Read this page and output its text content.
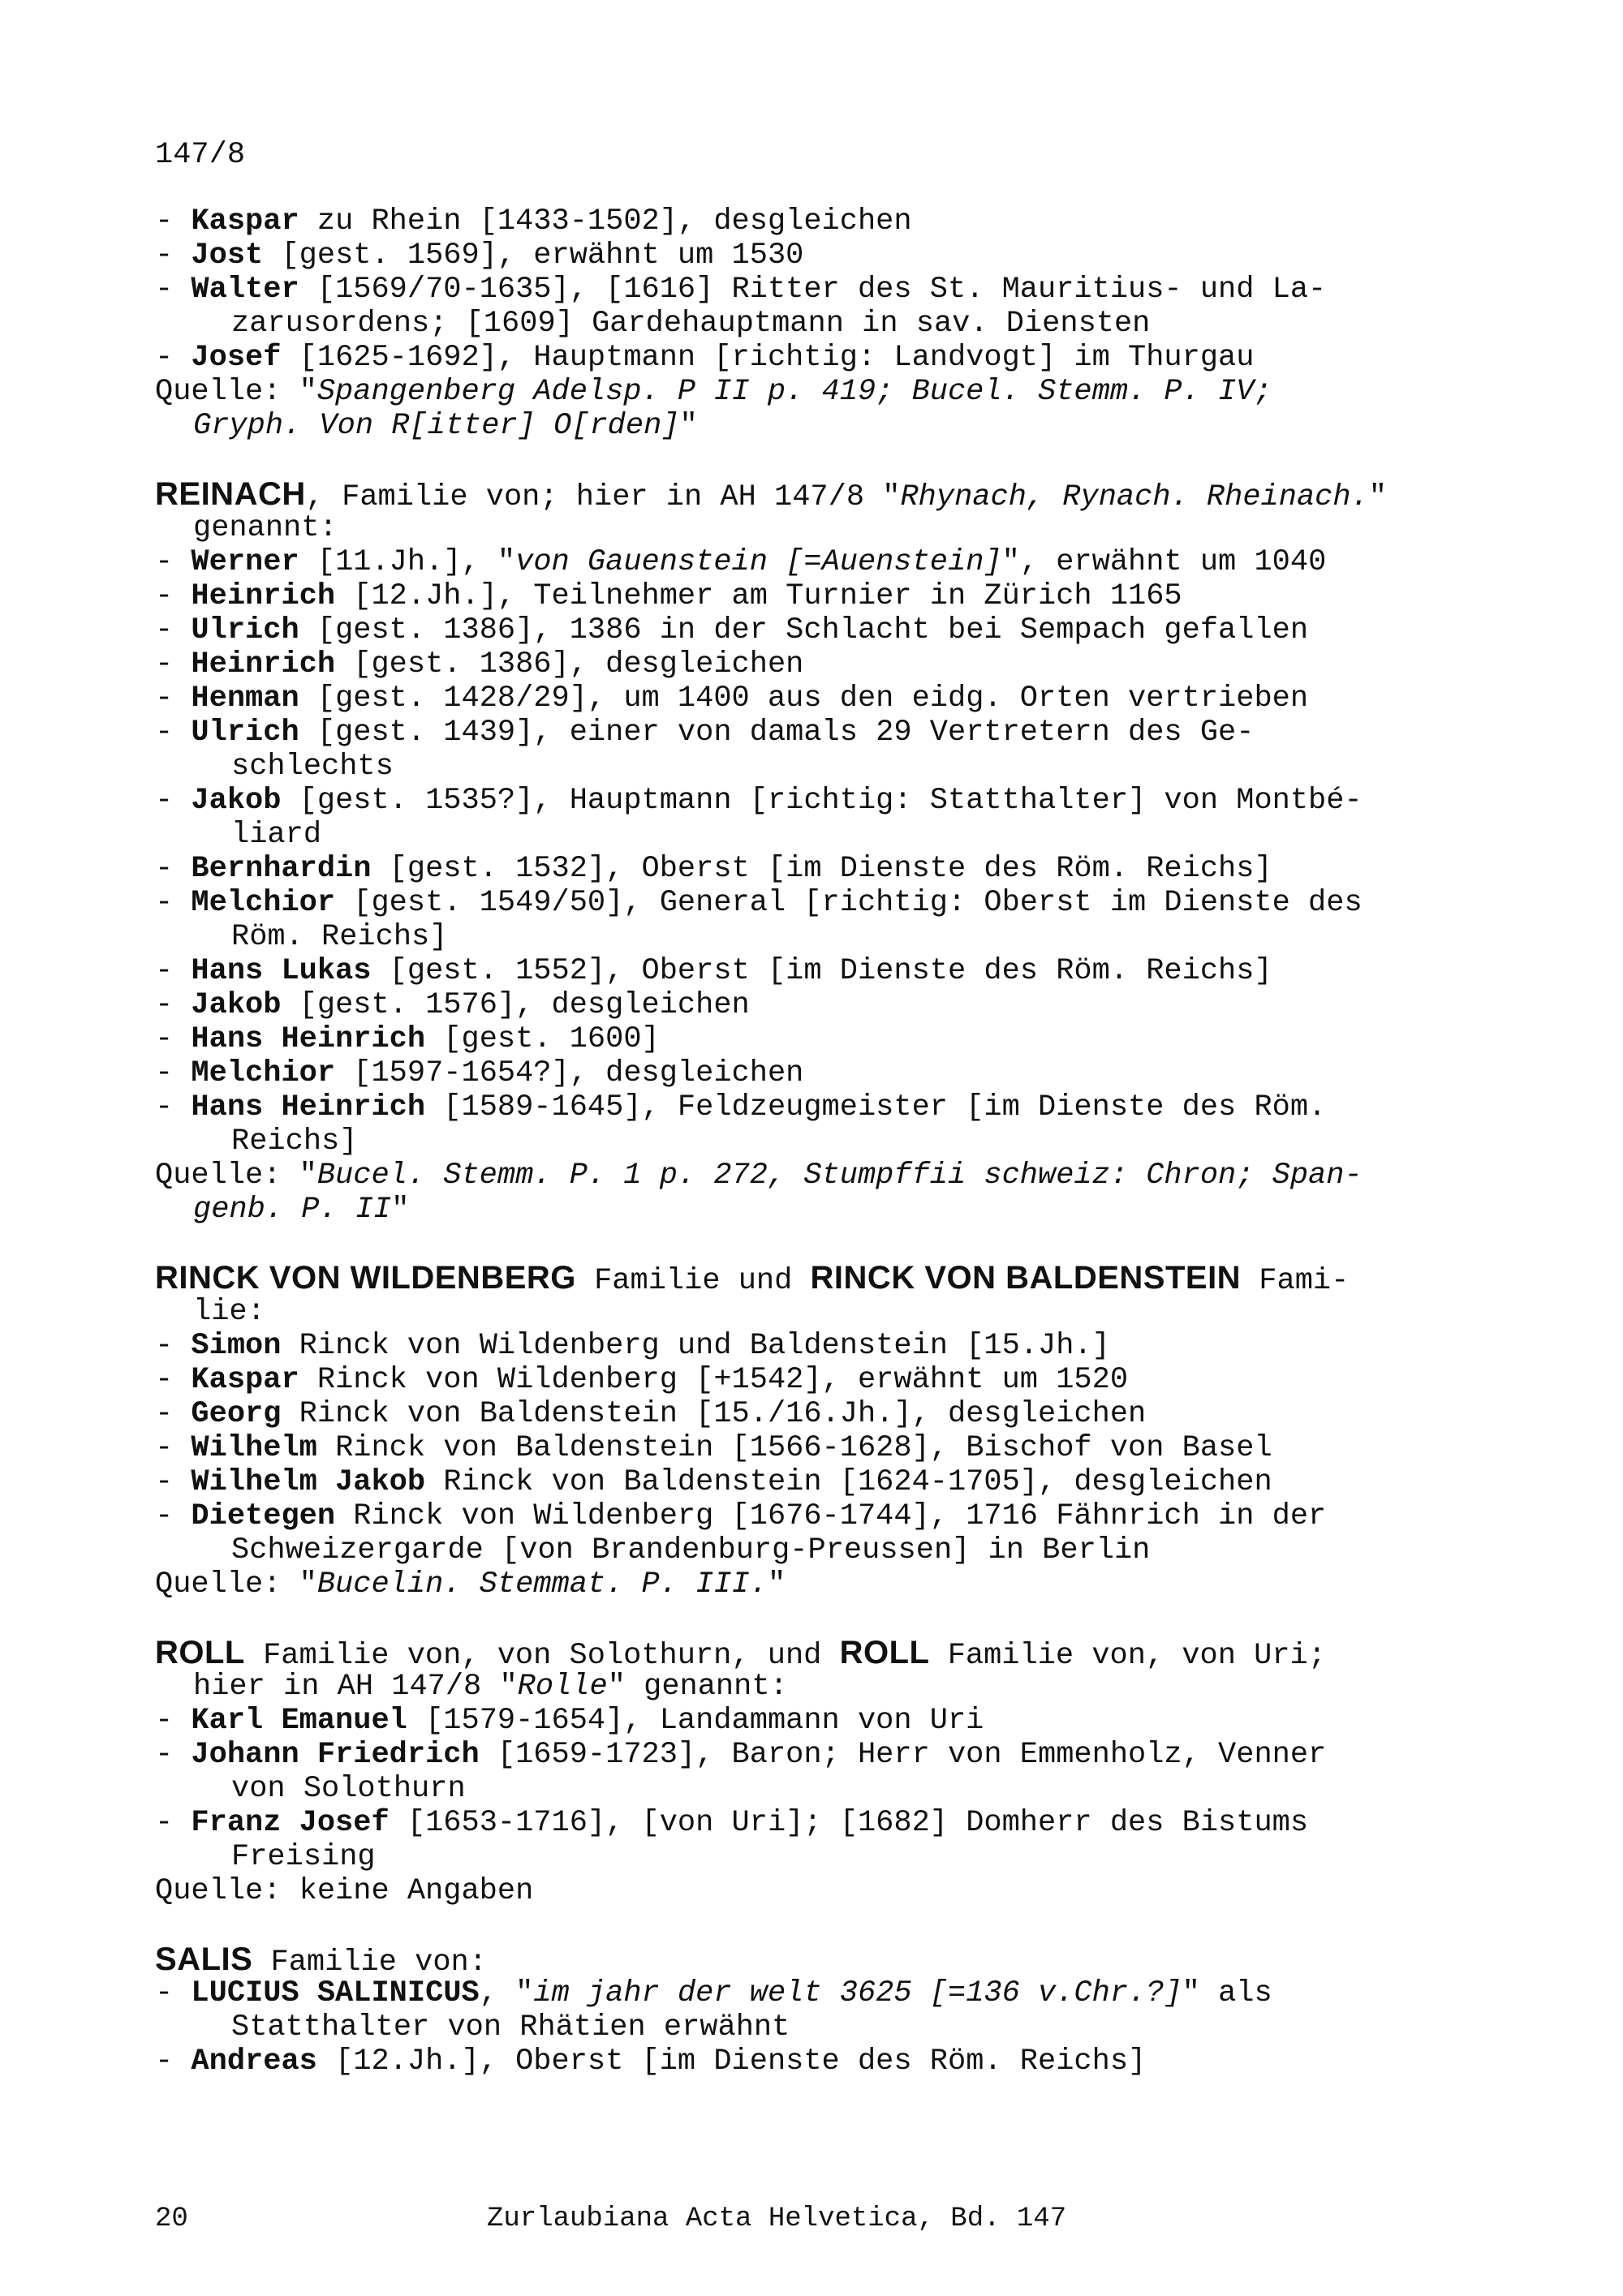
147/8
- Kaspar zu Rhein [1433-1502], desgleichen
- Jost [gest. 1569], erwähnt um 1530
- Walter [1569/70-1635], [1616] Ritter des St. Mauritius- und La-
zarusordens; [1609] Gardehauptmann in sav. Diensten
- Josef [1625-1692], Hauptmann [richtig: Landvogt] im Thurgau
Quelle: "Spangenberg Adelsp. P II p. 419; Bucel. Stemm. P. IV;
Gryph. Von R[itter] O[rden]"
REINACH, Familie von; hier in AH 147/8 "Rhynach, Rynach. Rheinach."
genannt:
- Werner [11.Jh.], "von Gauenstein [=Auenstein]", erwähnt um 1040
- Heinrich [12.Jh.], Teilnehmer am Turnier in Zürich 1165
- Ulrich [gest. 1386], 1386 in der Schlacht bei Sempach gefallen
- Heinrich [gest. 1386], desgleichen
- Henman [gest. 1428/29], um 1400 aus den eidg. Orten vertrieben
- Ulrich [gest. 1439], einer von damals 29 Vertretern des Ge-
schlechts
- Jakob [gest. 1535?], Hauptmann [richtig: Statthalter] von Montbé-
liard
- Bernhardin [gest. 1532], Oberst [im Dienste des Röm. Reichs]
- Melchior [gest. 1549/50], General [richtig: Oberst im Dienste des
Röm. Reichs]
- Hans Lukas [gest. 1552], Oberst [im Dienste des Röm. Reichs]
- Jakob [gest. 1576], desgleichen
- Hans Heinrich [gest. 1600]
- Melchior [1597-1654?], desgleichen
- Hans Heinrich [1589-1645], Feldzeugmeister [im Dienste des Röm.
Reichs]
Quelle: "Bucel. Stemm. P. 1 p. 272, Stumpffii schweiz: Chron; Span-
genb. P. II"
RINCK VON WILDENBERG Familie und RINCK VON BALDENSTEIN Fami-
lie:
- Simon Rinck von Wildenberg und Baldenstein [15.Jh.]
- Kaspar Rinck von Wildenberg [+1542], erwähnt um 1520
- Georg Rinck von Baldenstein [15./16.Jh.], desgleichen
- Wilhelm Rinck von Baldenstein [1566-1628], Bischof von Basel
- Wilhelm Jakob Rinck von Baldenstein [1624-1705], desgleichen
- Dietegen Rinck von Wildenberg [1676-1744], 1716 Fähnrich in der
Schweizergarde [von Brandenburg-Preussen] in Berlin
Quelle: "Bucelin. Stemmat. P. III."
ROLL Familie von, von Solothurn, und ROLL Familie von, von Uri;
hier in AH 147/8 "Rolle" genannt:
- Karl Emanuel [1579-1654], Landammann von Uri
- Johann Friedrich [1659-1723], Baron; Herr von Emmenholz, Venner
von Solothurn
- Franz Josef [1653-1716], [von Uri]; [1682] Domherr des Bistums
Freising
Quelle: keine Angaben
SALIS Familie von:
- LUCIUS SALINICUS, "im jahr der welt 3625 [=136 v.Chr.?]" als
Statthalter von Rhätien erwähnt
- Andreas [12.Jh.], Oberst [im Dienste des Röm. Reichs]
20	Zurlaubiana Acta Helvetica, Bd. 147
